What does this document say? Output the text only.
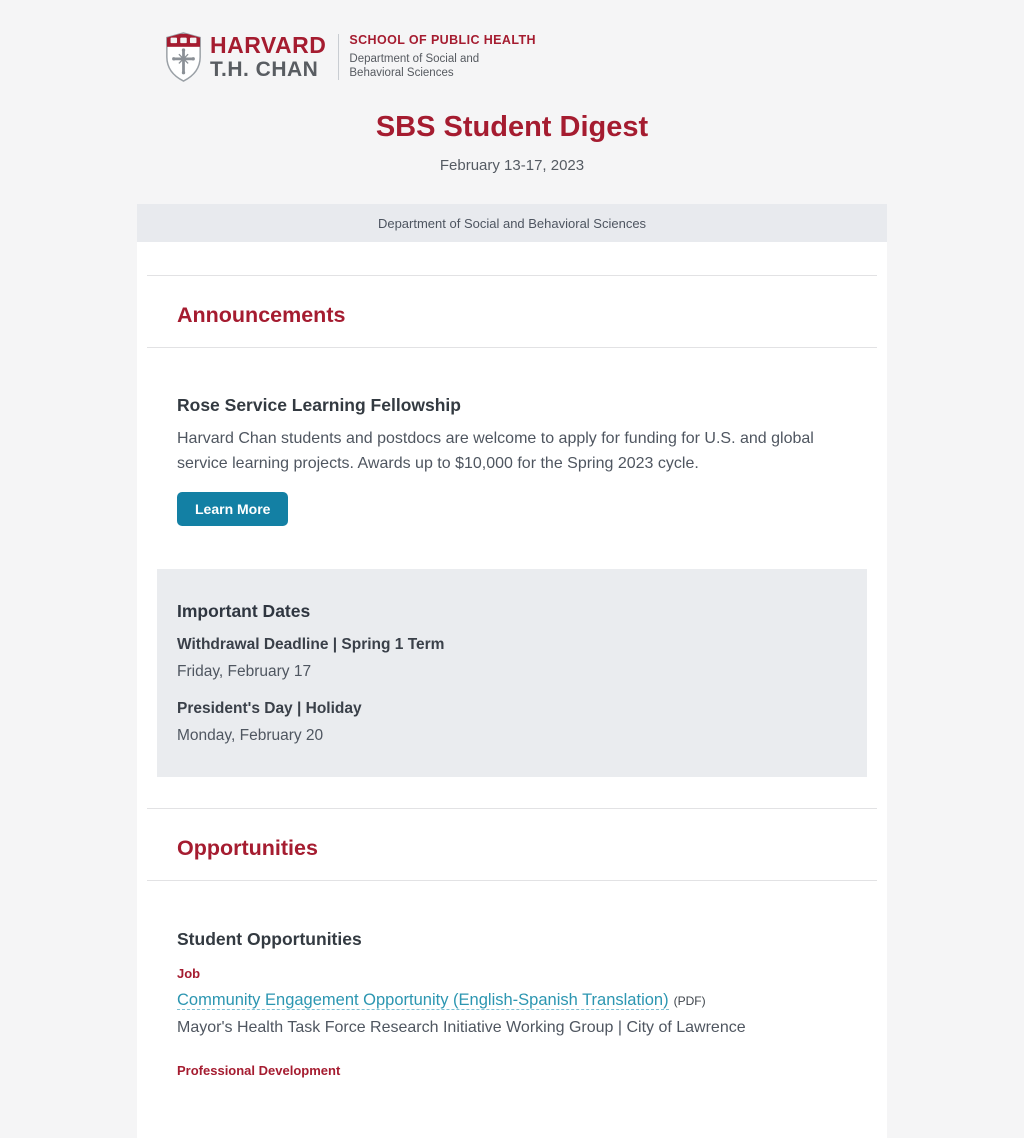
HARVARD
T.H. CHAN
SCHOOL OF PUBLIC HEALTH
Department of Social and
Behavioral Sciences
SBS Student Digest
February 13-17, 2023
Department of Social and Behavioral Sciences
Announcements
Rose Service Learning Fellowship
Harvard Chan students and postdocs are welcome to apply for funding for U.S. and global service learning projects. Awards up to $10,000 for the Spring 2023 cycle.
Learn More
Important Dates
Withdrawal Deadline | Spring 1 Term
Friday, February 17
President's Day | Holiday
Monday, February 20
Opportunities
Student Opportunities
Job
Community Engagement Opportunity (English-Spanish Translation) (PDF)
Mayor's Health Task Force Research Initiative Working Group | City of Lawrence
Professional Development
